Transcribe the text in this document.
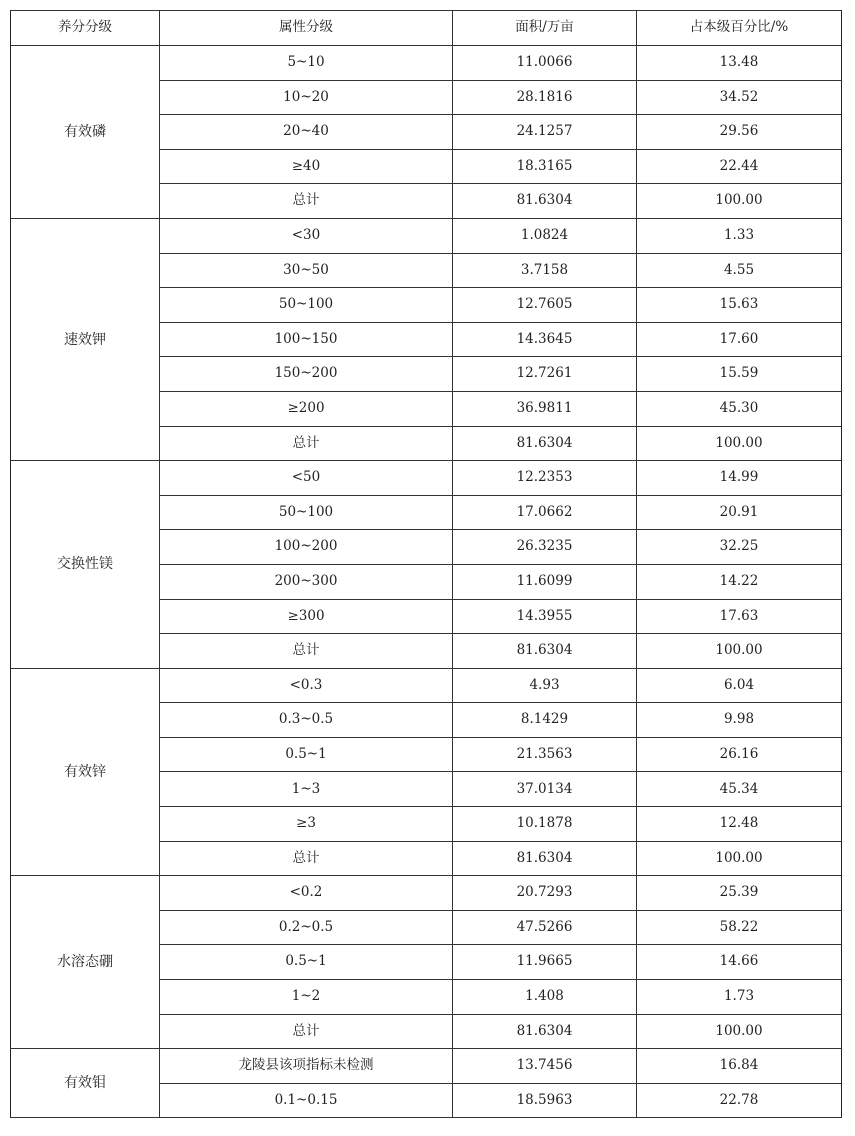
养分分级	属性分级	面积/万亩	占本级百分比/%
有效磷	5~10	11.0066	13.48
	10~20	28.1816	34.52
	20~40	24.1257	29.56
	≥40	18.3165	22.44
	总计	81.6304	100.00
速效钾	<30	1.0824	1.33
	30~50	3.7158	4.55
	50~100	12.7605	15.63
	100~150	14.3645	17.60
	150~200	12.7261	15.59
	≥200	36.9811	45.30
	总计	81.6304	100.00
交换性镁	<50	12.2353	14.99
	50~100	17.0662	20.91
	100~200	26.3235	32.25
	200~300	11.6099	14.22
	≥300	14.3955	17.63
	总计	81.6304	100.00
有效锌	<0.3	4.93	6.04
	0.3~0.5	8.1429	9.98
	0.5~1	21.3563	26.16
	1~3	37.0134	45.34
	≥3	10.1878	12.48
	总计	81.6304	100.00
水溶态硼	<0.2	20.7293	25.39
	0.2~0.5	47.5266	58.22
	0.5~1	11.9665	14.66
	1~2	1.408	1.73
	总计	81.6304	100.00
有效钼	龙陵县该项指标未检测	13.7456	16.84
	0.1~0.15	18.5963	22.78
